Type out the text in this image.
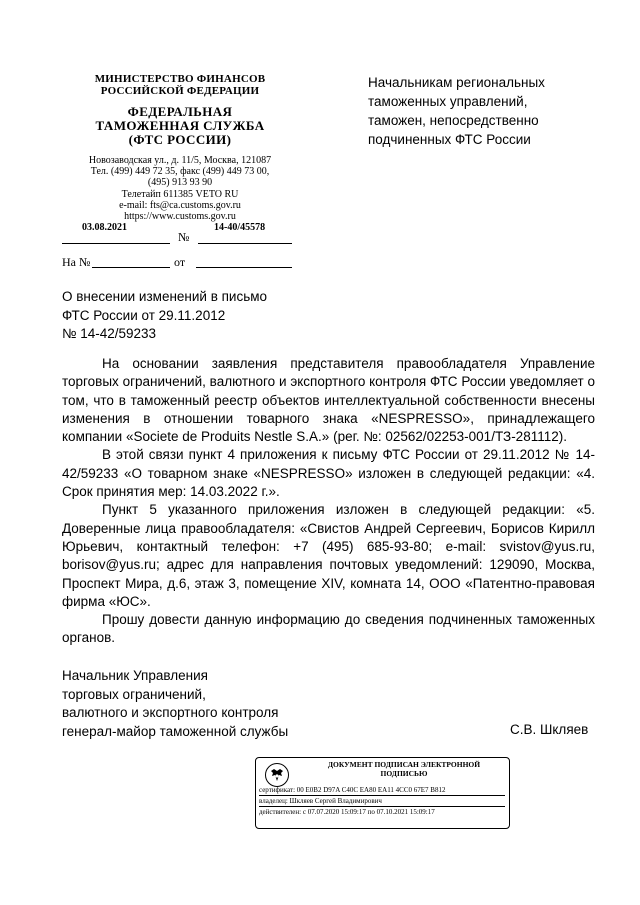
МИНИСТЕРСТВО ФИНАНСОВ
РОССИЙСКОЙ ФЕДЕРАЦИИ
ФЕДЕРАЛЬНАЯ
ТАМОЖЕННАЯ СЛУЖБА
(ФТС РОССИИ)
Новозаводская ул., д. 11/5, Москва, 121087
Тел. (499) 449 72 35, факс (499) 449 73 00,
(495) 913 93 90
Телетайп 611385 VETO RU
e-mail: fts@ca.customs.gov.ru
https://www.customs.gov.ru
03.08.2021
№
14-40/45578
На №	от
Начальникам региональных
таможенных управлений,
таможен, непосредственно
подчиненных ФТС России
О внесении изменений в письмо
ФТС России от 29.11.2012
№ 14-42/59233

На основании заявления представителя правообладателя Управление торговых ограничений, валютного и экспортного контроля ФТС России уведомляет о том, что в таможенный реестр объектов интеллектуальной собственности внесены изменения в отношении товарного знака «NESPRESSO», принадлежащего компании «Societe de Produits Nestle S.A.» (рег. №: 02562/02253-001/ТЗ-281112).

В этой связи пункт 4 приложения к письму ФТС России от 29.11.2012 № 14-42/59233 «О товарном знаке «NESPRESSO» изложен в следующей редакции: «4. Срок принятия мер: 14.03.2022 г.».

Пункт 5 указанного приложения изложен в следующей редакции: «5. Доверенные лица правообладателя: «Свистов Андрей Сергеевич, Борисов Кирилл Юрьевич, контактный телефон: +7 (495) 685-93-80; e-mail: svistov@yus.ru, borisov@yus.ru; адрес для направления почтовых уведомлений: 129090, Москва, Проспект Мира, д.6, этаж 3, помещение XIV, комната 14, ООО «Патентно-правовая фирма «ЮС».

Прошу довести данную информацию до сведения подчиненных таможенных органов.

Начальник Управления
торговых ограничений,
валютного и экспортного контроля
генерал-майор таможенной службы	С.В. Шкляев
ДОКУМЕНТ ПОДПИСАН ЭЛЕКТРОННОЙ ПОДПИСЬЮ
сертификат: 00 E0B2 D97A C40C EA80 EA11 4CC0 67E7 B812
владелец: Шкляев Сергей Владимирович
действителен: с 07.07.2020 15:09:17 по 07.10.2021 15:09:17
